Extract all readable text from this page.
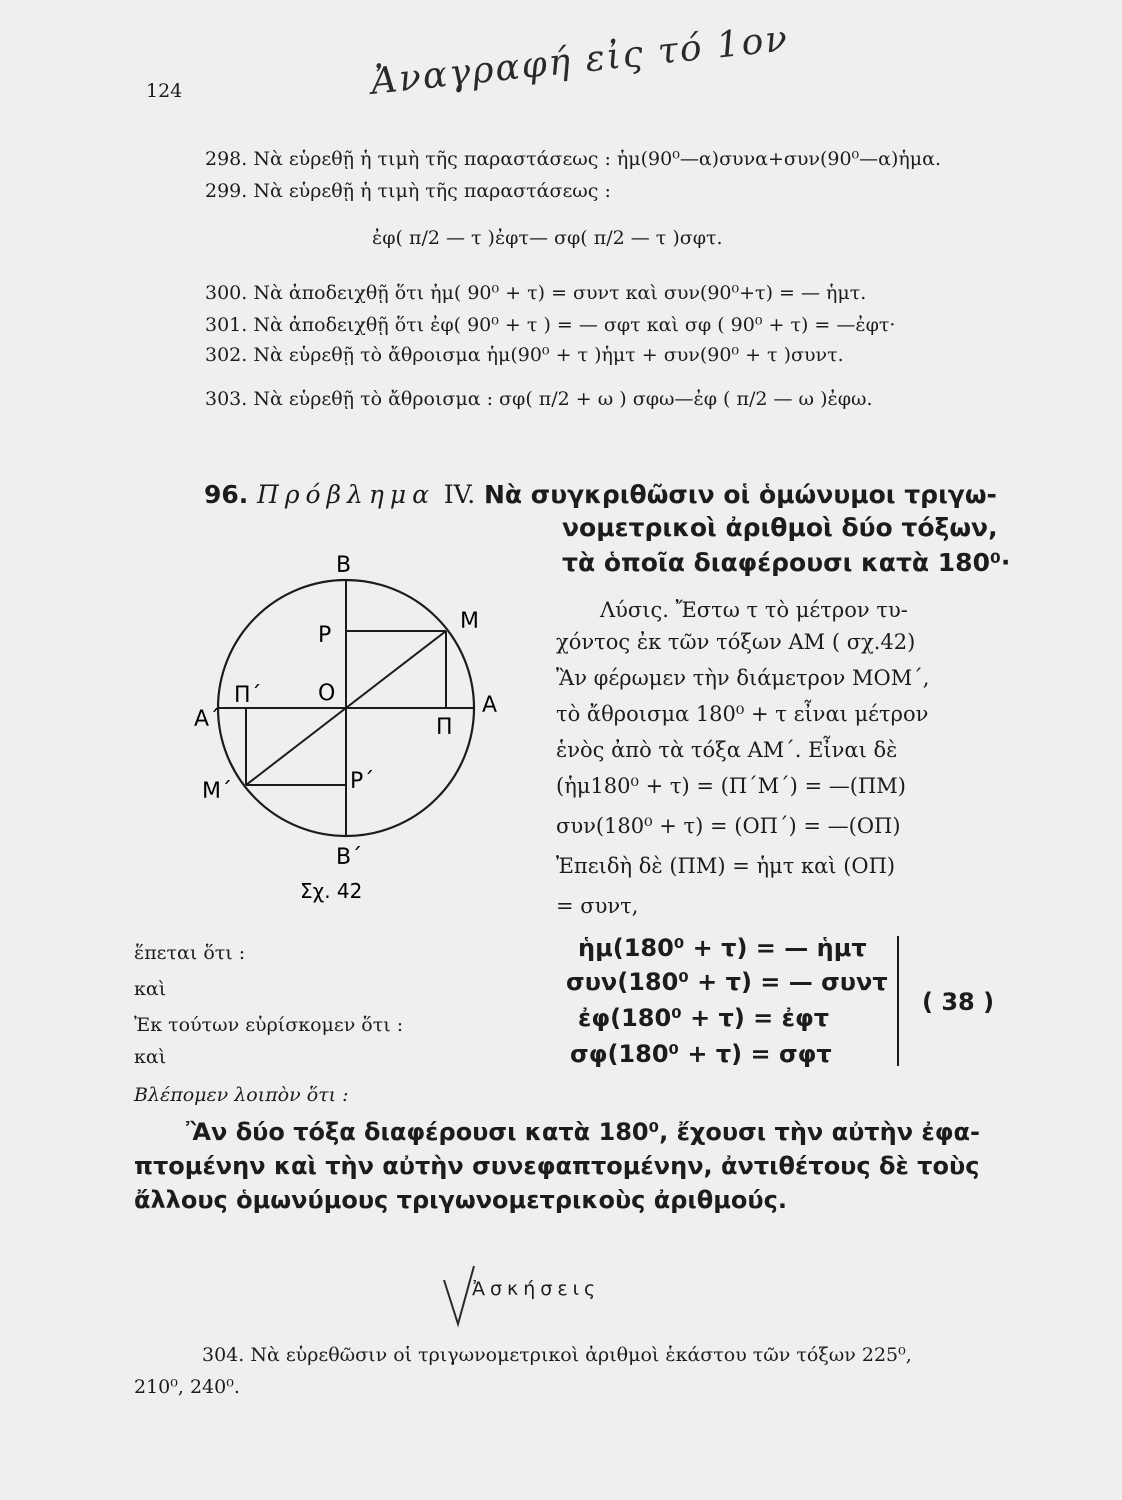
124	Ἀναγραφή εἰς τό 1ον
298. Νὰ εὑρεθῇ ἡ τιμὴ τῆς παραστάσεως : ἡμ(90⁰—α)συνα+συν(90⁰—α)ἡμα.
299. Νὰ εὑρεθῇ ἡ τιμὴ τῆς παραστάσεως :
ἐφ( π/2 — τ )ἐφτ— σφ( π/2 — τ )σφτ.
300. Νὰ ἀποδειχθῇ ὅτι ἡμ( 90⁰ + τ) = συντ καὶ συν(90⁰+τ) = — ἡμτ.
301. Νὰ ἀποδειχθῇ ὅτι ἐφ( 90⁰ + τ ) = — σφτ καὶ σφ ( 90⁰ + τ) = —ἐφτ·
302. Νὰ εὑρεθῇ τὸ ἄθροισμα ἡμ(90⁰ + τ )ἡμτ + συν(90⁰ + τ )συντ.
303. Νὰ εὑρεθῇ τὸ ἄθροισμα : σφ( π/2 + ω ) σφω—ἐφ ( π/2 — ω )ἐφω.
96. Πρόβλημα IV. Νὰ συγκριθῶσιν οἱ ὁμώνυμοι τριγω-
νομετρικοὶ ἀριθμοὶ δύο τόξων,
τὰ ὁποῖα διαφέρουσι κατὰ 180⁰·
Β
Ρ
Μ
Π΄	Ο
Α΄
Α
Π
Μ΄	Ρ΄
Β΄
Σχ. 42
Λύσις. Ἔστω τ τὸ μέτρον τυ-
χόντος ἐκ τῶν τόξων ΑΜ ( σχ.42)
Ἂν φέρωμεν τὴν διάμετρον ΜΟΜ΄,
τὸ ἄθροισμα 180⁰ + τ εἶναι μέτρον
ἑνὸς ἀπὸ τὰ τόξα ΑΜ΄. Εἶναι δὲ
(ἡμ180⁰ + τ) = (Π΄Μ΄) = —(ΠΜ)
συν(180⁰ + τ) = (ΟΠ΄) = —(ΟΠ)
Ἐπειδὴ δὲ (ΠΜ) = ἡμτ καὶ (ΟΠ)
= συντ,
ἕπεται ὅτι :
καὶ
Ἐκ τούτων εὑρίσκομεν ὅτι :
καὶ
ἡμ(180⁰ + τ) = — ἡμτ
συν(180⁰ + τ) = — συντ
ἐφ(180⁰ + τ) = ἐφτ
σφ(180⁰ + τ) = σφτ
( 38 )
Βλέπομεν λοιπὸν ὅτι :
Ἂν δύο τόξα διαφέρουσι κατὰ 180⁰, ἔχουσι τὴν αὐτὴν ἐφα-
πτομένην καὶ τὴν αὐτὴν συνεφαπτομένην, ἀντιθέτους δὲ τοὺς
ἄλλους ὁμωνύμους τριγωνομετρικοὺς ἀριθμούς.
Ἀσκήσεις
304. Νὰ εὑρεθῶσιν οἱ τριγωνομετρικοὶ ἀριθμοὶ ἑκάστου τῶν τόξων 225⁰,
210⁰, 240⁰.
